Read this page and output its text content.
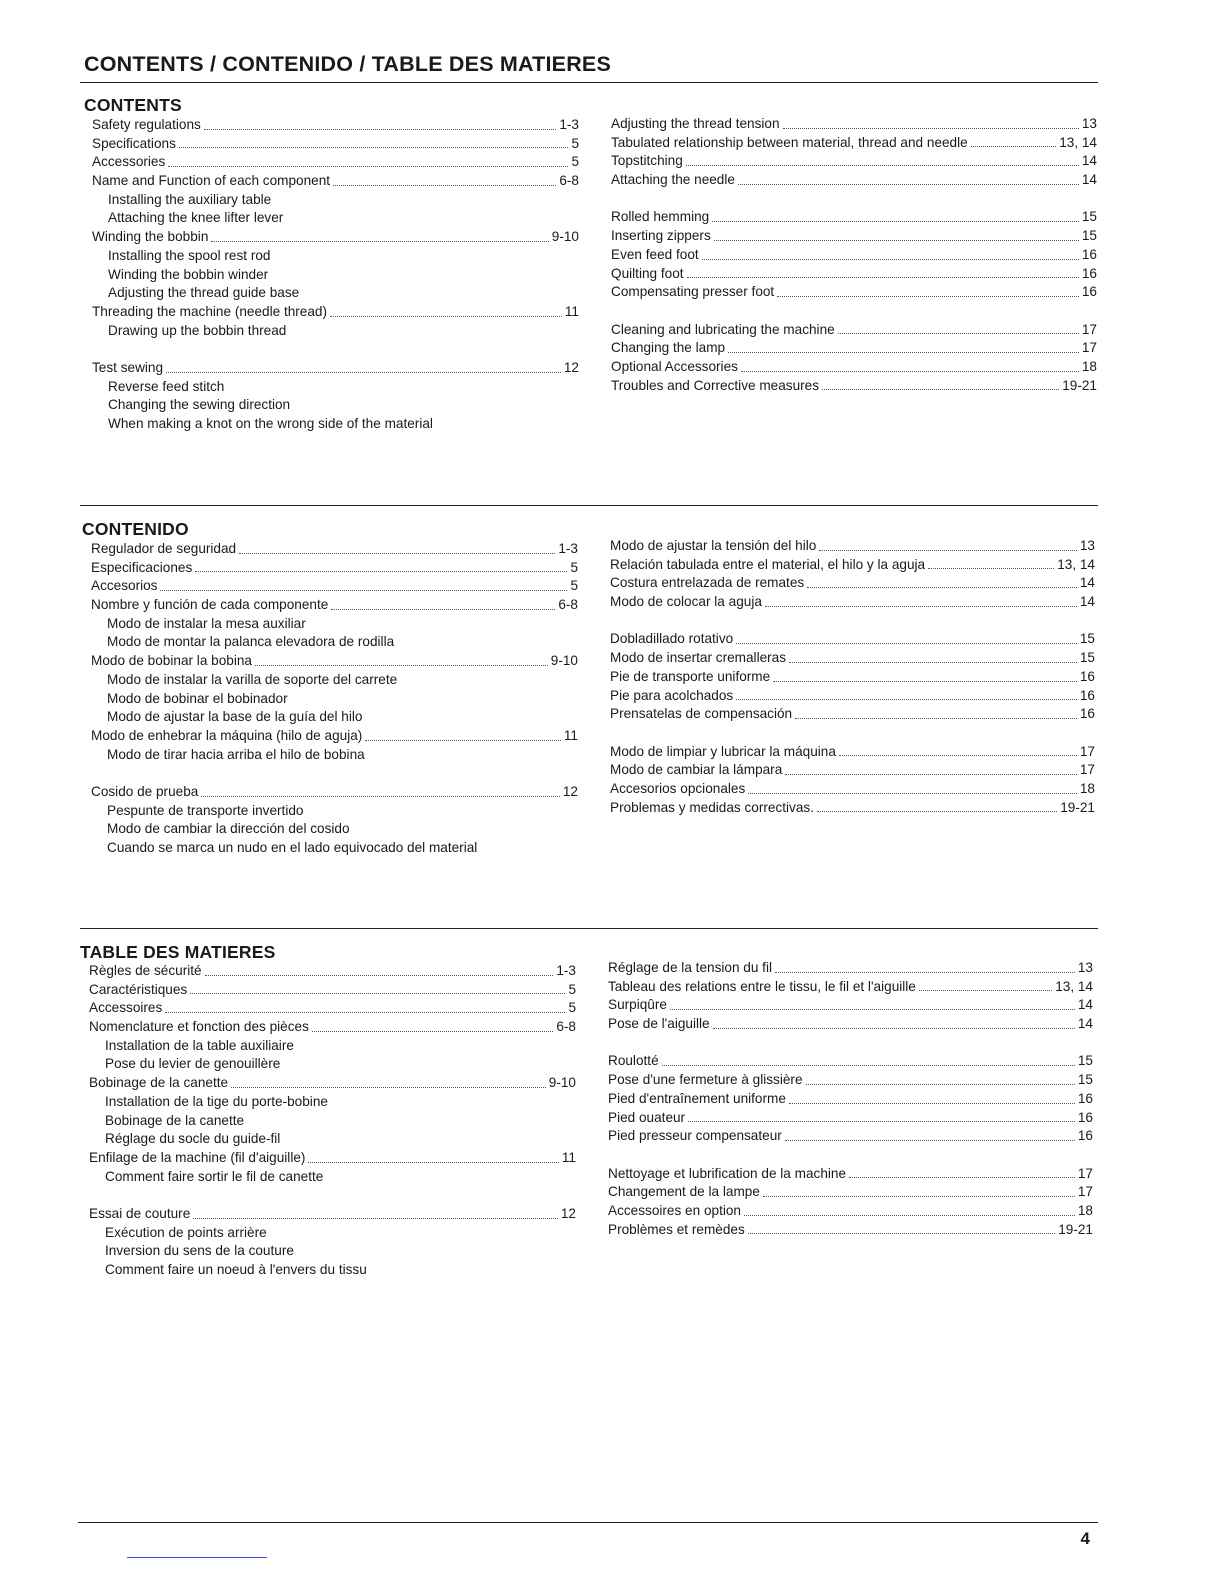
CONTENTS / CONTENIDO / TABLE DES MATIERES
CONTENTS
Safety regulations	1-3
Specifications	5
Accessories	5
Name and Function of each component	6-8
Installing the auxiliary table
Attaching the knee lifter lever
Winding the bobbin	9-10
Installing the spool rest rod
Winding the bobbin winder
Adjusting the thread guide base
Threading the machine (needle thread)	11
Drawing up the bobbin thread
Test sewing	12
Reverse feed stitch
Changing the sewing direction
When making a knot on the wrong side of the material
Adjusting the thread tension	13
Tabulated relationship between material, thread and needle	13, 14
Topstitching	14
Attaching the needle	14
Rolled hemming	15
Inserting zippers	15
Even feed foot	16
Quilting foot	16
Compensating presser foot	16
Cleaning and lubricating the machine	17
Changing the lamp	17
Optional Accessories	18
Troubles and Corrective measures	19-21
CONTENIDO
Regulador de seguridad	1-3
Especificaciones	5
Accesorios	5
Nombre y función de cada componente	6-8
Modo de instalar la mesa auxiliar
Modo de montar la palanca elevadora de rodilla
Modo de bobinar la bobina	9-10
Modo de instalar la varilla de soporte del carrete
Modo de bobinar el bobinador
Modo de ajustar la base de la guía del hilo
Modo de enhebrar la máquina (hilo de aguja)	11
Modo de tirar hacia arriba el hilo de bobina
Cosido de prueba	12
Pespunte de transporte invertido
Modo de cambiar la dirección del cosido
Cuando se marca un nudo en el lado equivocado del material
Modo de ajustar la tensión del hilo	13
Relación tabulada entre el material, el hilo y la aguja	13, 14
Costura entrelazada de remates	14
Modo de colocar la aguja	14
Dobladillado rotativo	15
Modo de insertar cremalleras	15
Pie de transporte uniforme	16
Pie para acolchados	16
Prensatelas de compensación	16
Modo de limpiar y lubricar la máquina	17
Modo de cambiar la lámpara	17
Accesorios opcionales	18
Problemas y medidas correctivas.	19-21
TABLE DES MATIERES
Règles de sécurité	1-3
Caractéristiques	5
Accessoires	5
Nomenclature et fonction des pièces	6-8
Installation de la table auxiliaire
Pose du levier de genouillère
Bobinage de la canette	9-10
Installation de la tige du porte-bobine
Bobinage de la canette
Réglage du socle du guide-fil
Enfilage de la machine (fil d'aiguille)	11
Comment faire sortir le fil de canette
Essai de couture	12
Exécution de points arrière
Inversion du sens de la couture
Comment faire un noeud à l'envers du tissu
Réglage de la tension du fil	13
Tableau des relations entre le tissu, le fil et l'aiguille	13, 14
Surpiqûre	14
Pose de l'aiguille	14
Roulotté	15
Pose d'une fermeture à glissière	15
Pied d'entraînement uniforme	16
Pied ouateur	16
Pied presseur compensateur	16
Nettoyage et lubrification de la machine	17
Changement de la lampe	17
Accessoires en option	18
Problèmes et remèdes	19-21

4
